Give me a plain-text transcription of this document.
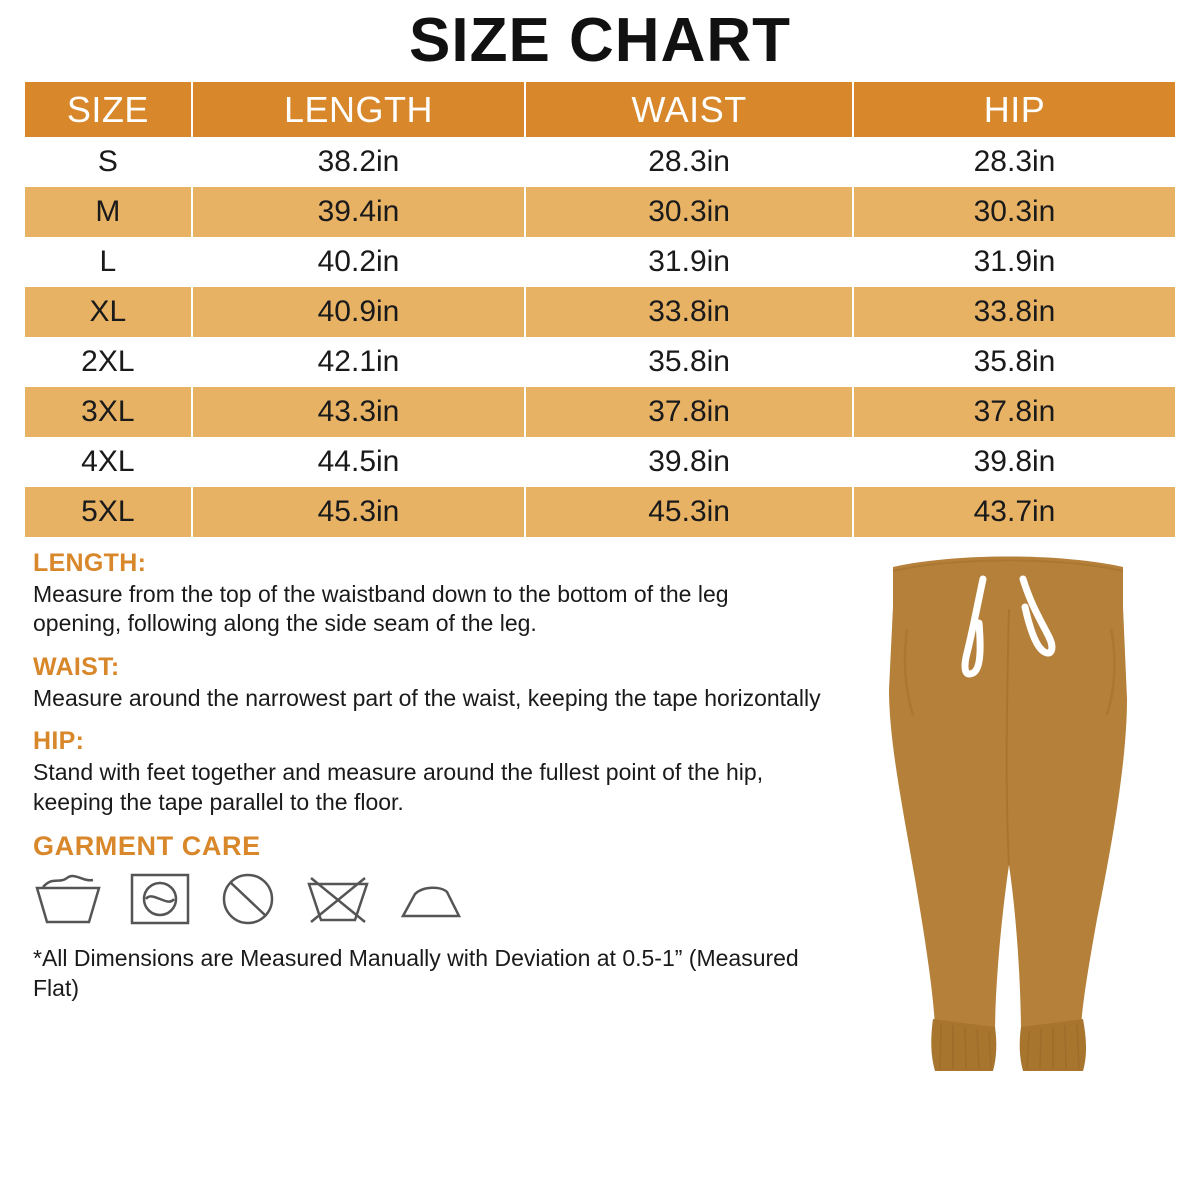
SIZE CHART
SIZE	LENGTH	WAIST	HIP
S	38.2in	28.3in	28.3in
M	39.4in	30.3in	30.3in
L	40.2in	31.9in	31.9in
XL	40.9in	33.8in	33.8in
2XL	42.1in	35.8in	35.8in
3XL	43.3in	37.8in	37.8in
4XL	44.5in	39.8in	39.8in
5XL	45.3in	45.3in	43.7in
LENGTH:

Measure from the top of the waistband down to the bottom of the leg opening, following along the side seam of the leg.

WAIST:

Measure around the narrowest part of the waist, keeping the tape horizontally

HIP:

Stand with feet together and measure around the fullest point of the hip, keeping the tape parallel to the floor.

GARMENT CARE
*All Dimensions are Measured Manually with Deviation at 0.5-1” (Measured Flat)
